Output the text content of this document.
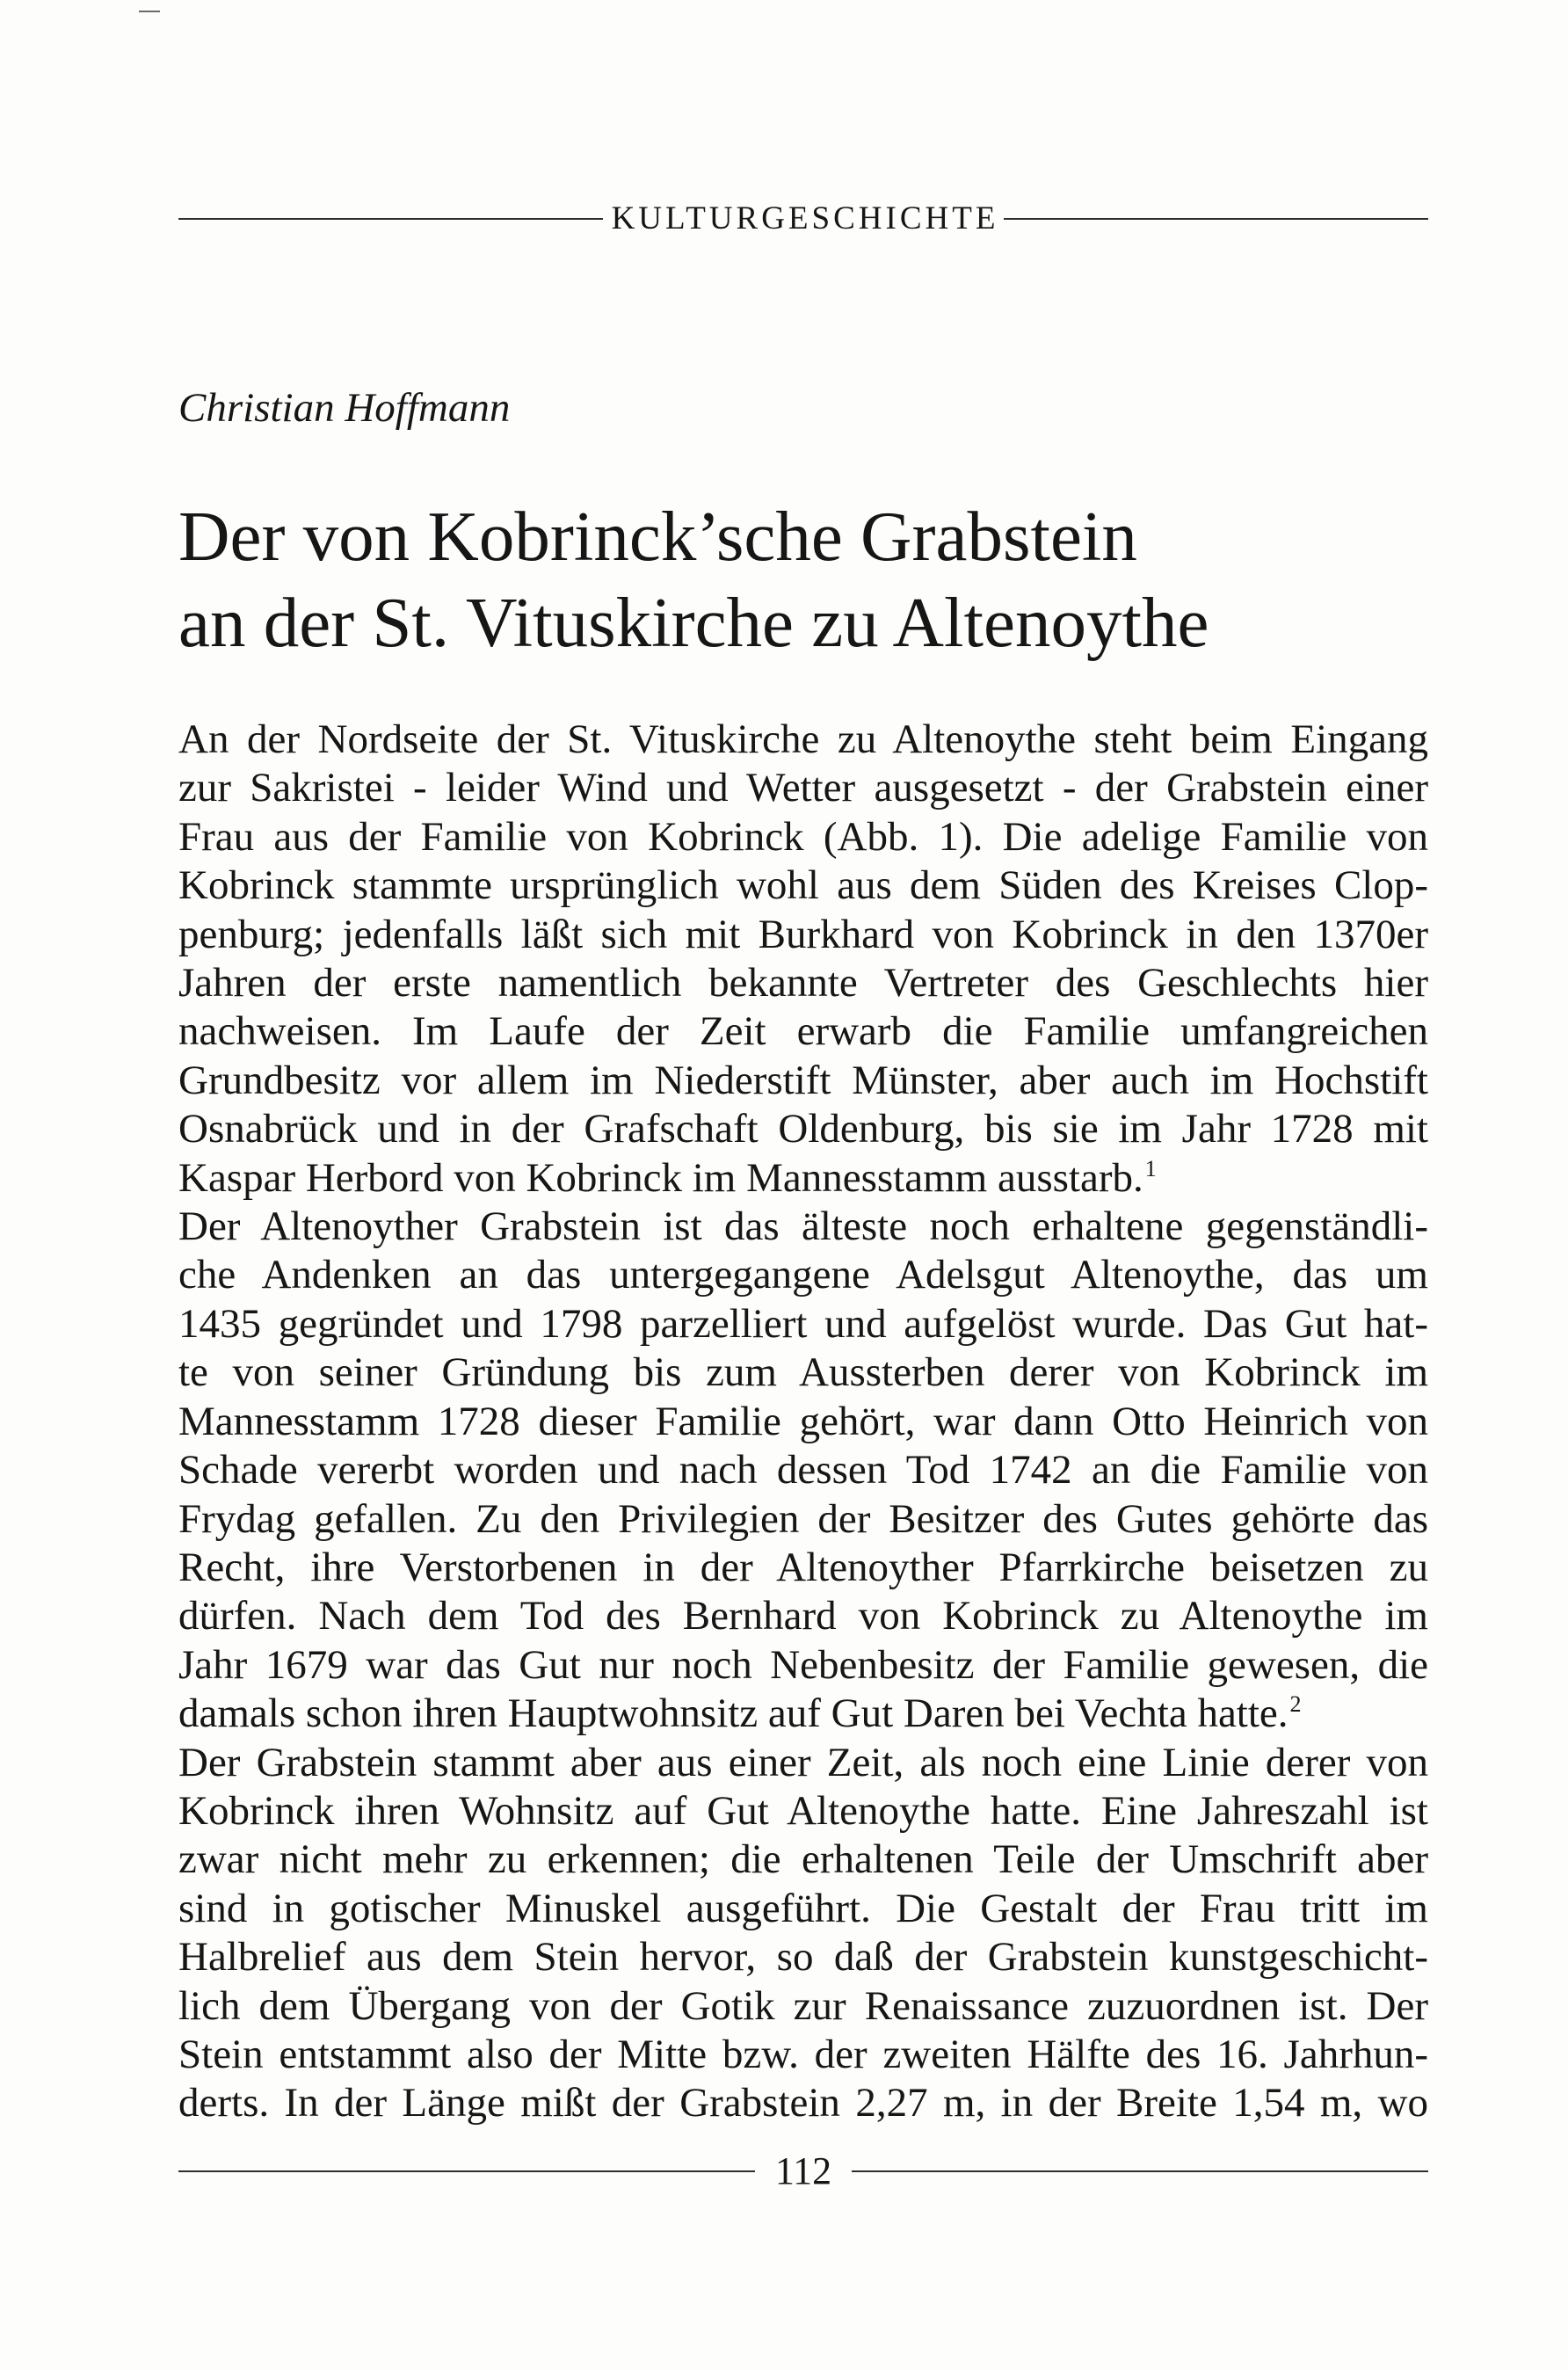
KULTURGESCHICHTE
Christian Hoffmann
Der von Kobrinck’sche Grabstein
an der St. Vituskirche zu Altenoythe
An der Nordseite der St. Vituskirche zu Altenoythe steht beim Eingang
zur Sakristei - leider Wind und Wetter ausgesetzt - der Grabstein einer
Frau aus der Familie von Kobrinck (Abb. 1). Die adelige Familie von
Kobrinck stammte ursprünglich wohl aus dem Süden des Kreises Clop-
penburg; jedenfalls läßt sich mit Burkhard von Kobrinck in den 1370er
Jahren der erste namentlich bekannte Vertreter des Geschlechts hier
nachweisen. Im Laufe der Zeit erwarb die Familie umfangreichen
Grundbesitz vor allem im Niederstift Münster, aber auch im Hochstift
Osnabrück und in der Grafschaft Oldenburg, bis sie im Jahr 1728 mit
Kaspar Herbord von Kobrinck im Mannesstamm ausstarb.$^1$
Der Altenoyther Grabstein ist das älteste noch erhaltene gegenständli-
che Andenken an das untergegangene Adelsgut Altenoythe, das um
1435 gegründet und 1798 parzelliert und aufgelöst wurde. Das Gut hat-
te von seiner Gründung bis zum Aussterben derer von Kobrinck im
Mannesstamm 1728 dieser Familie gehört, war dann Otto Heinrich von
Schade vererbt worden und nach dessen Tod 1742 an die Familie von
Frydag gefallen. Zu den Privilegien der Besitzer des Gutes gehörte das
Recht, ihre Verstorbenen in der Altenoyther Pfarrkirche beisetzen zu
dürfen. Nach dem Tod des Bernhard von Kobrinck zu Altenoythe im
Jahr 1679 war das Gut nur noch Nebenbesitz der Familie gewesen, die
damals schon ihren Hauptwohnsitz auf Gut Daren bei Vechta hatte.$^2$
Der Grabstein stammt aber aus einer Zeit, als noch eine Linie derer von
Kobrinck ihren Wohnsitz auf Gut Altenoythe hatte. Eine Jahreszahl ist
zwar nicht mehr zu erkennen; die erhaltenen Teile der Umschrift aber
sind in gotischer Minuskel ausgeführt. Die Gestalt der Frau tritt im
Halbrelief aus dem Stein hervor, so daß der Grabstein kunstgeschicht-
lich dem Übergang von der Gotik zur Renaissance zuzuordnen ist. Der
Stein entstammt also der Mitte bzw. der zweiten Hälfte des 16. Jahrhun-
derts. In der Länge mißt der Grabstein 2,27 m, in der Breite 1,54 m, wo
112
